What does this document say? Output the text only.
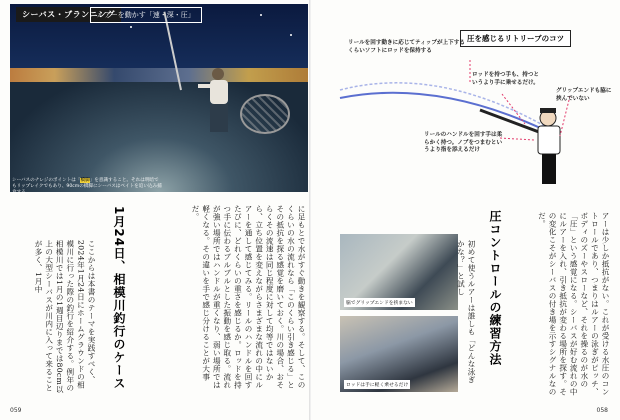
シーバス・ブランニング
ルアーを動かす「速・深・圧」
シーバスのナレジのポイントは「橋脚」を意識すること。それは明暗でもリップレイクでもあり、90cmの橋脚にシーバスはベイトを追い込み捕食する
に足もとで水がすぐ動きを観察する。そして、このくらいの水の流れなら「このくらい引き感じる」とその抵抗を探る感覚を磨いておく。川の場合、おそらくその流速は同じ程度に対して均等ではないから、立ち位置を変えながらさまざまな流れの中にルアーを通して感じてみる。リールのハンドルを回すたびに、どれくらいの重さを感じるか。ロッドを持つ手に伝わるブルブルとした振動を感じ取る。流れが強い場所ではハンドルが重くなり、弱い場所では軽くなる。その違いを手で感じ分けることが大事だ。
1月24日、相模川釣行のケース
ここからは本書のテーマを実践すべく、2024年1月24日にホームグラウンドの相模川に行った際の釣行を紹介する。例年の相模川では1月の1週目辺りまでは80cm以上の大型シーバスが川内に入って来ることが多く、1月中
059
圧を感じるリトリーブのコツ
リールを回す動きに応じてティップが上下するくらいソフトにロッドを保持する
ロッドを持つ手も、持つというより手に乗せるだけ。
グリップエンドも脇に挟んでいない
リールのハンドルを回す手は柔らかく持つ。ノブをつまむというより指を添えるだけ
脇でグリップエンドを挟まない
ロッドは手に軽く乗せるだけ
初めて使うルアーは誰しも「どんな泳ぎかな？」と試し	圧コントロールの練習方法	アーは少しか抵抗がない。これが受ける水圧のコントロールであり、つまりはルアーの泳ぎがピッチ、ボディのズーやスローなど、それを操るのが水の「圧」という感覚になる。シーバスが好む流れの中にルアーを入れ、引き抵抗が変わる場所を探す。その変化こそがシーバスの付き場を示すシグナルなのだ。
058
